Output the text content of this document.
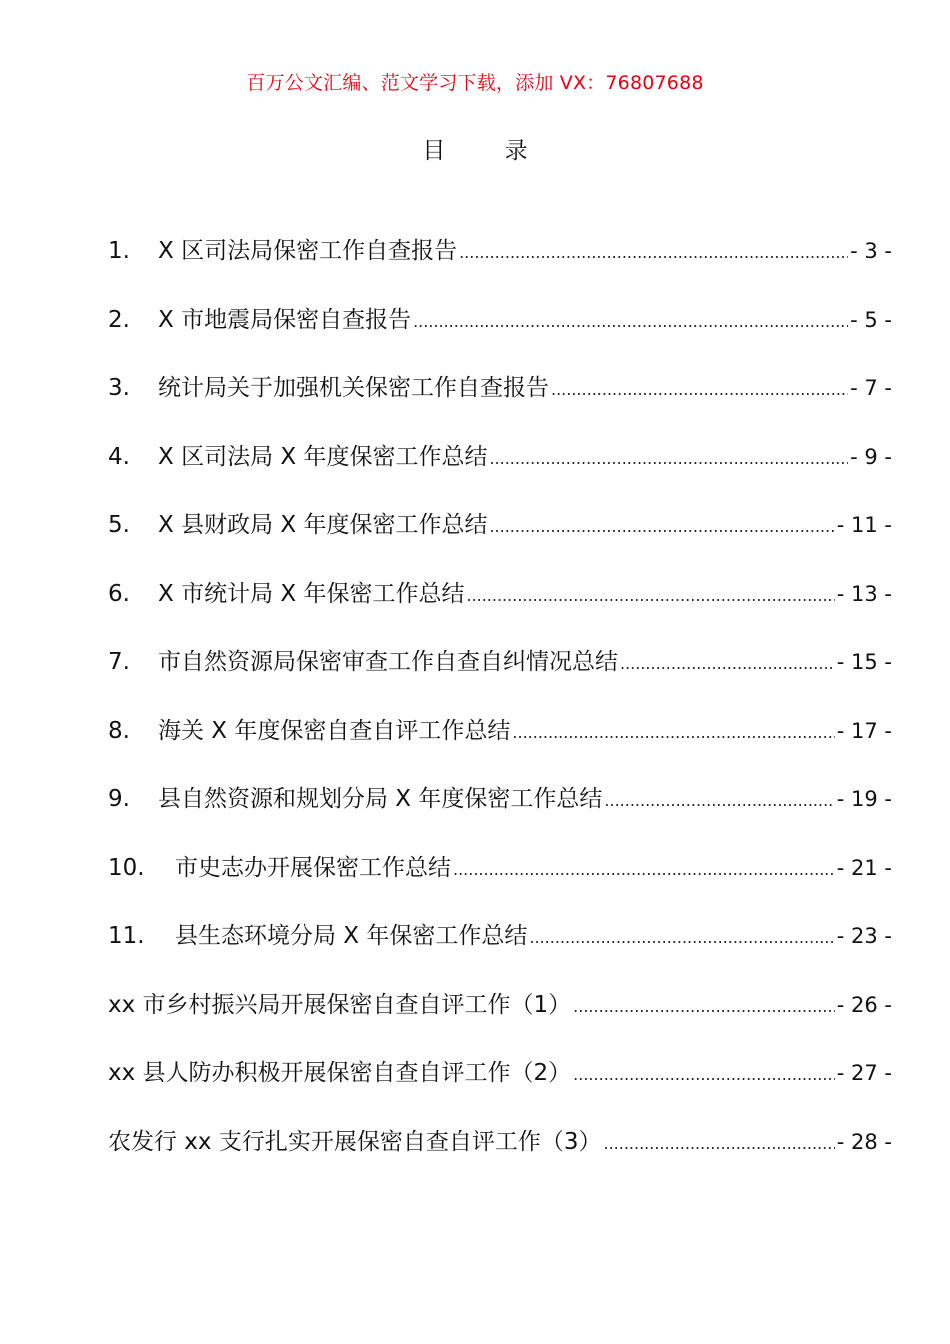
百万公文汇编、范文学习下载，添加 VX：76807688
目 录
1.	X 区司法局保密工作自查报告 .....	- 3 -
2.	X 市地震局保密自查报告 .....	- 5 -
3.	统计局关于加强机关保密工作自查报告 .....	- 7 -
4.	X 区司法局 X 年度保密工作总结 .....	- 9 -
5.	X 县财政局 X 年度保密工作总结 .....	- 11 -
6.	X 市统计局 X 年保密工作总结 .....	- 13 -
7.	市自然资源局保密审查工作自查自纠情况总结 .....	- 15 -
8.	海关 X 年度保密自查自评工作总结 .....	- 17 -
9.	县自然资源和规划分局 X 年度保密工作总结 .....	- 19 -
10.	市史志办开展保密工作总结 .....	- 21 -
11.	县生态环境分局 X 年保密工作总结 .....	- 23 -
xx 市乡村振兴局开展保密自查自评工作（1） .....	- 26 -
xx 县人防办积极开展保密自查自评工作（2） .....	- 27 -
农发行 xx 支行扎实开展保密自查自评工作（3） .....	- 28 -
